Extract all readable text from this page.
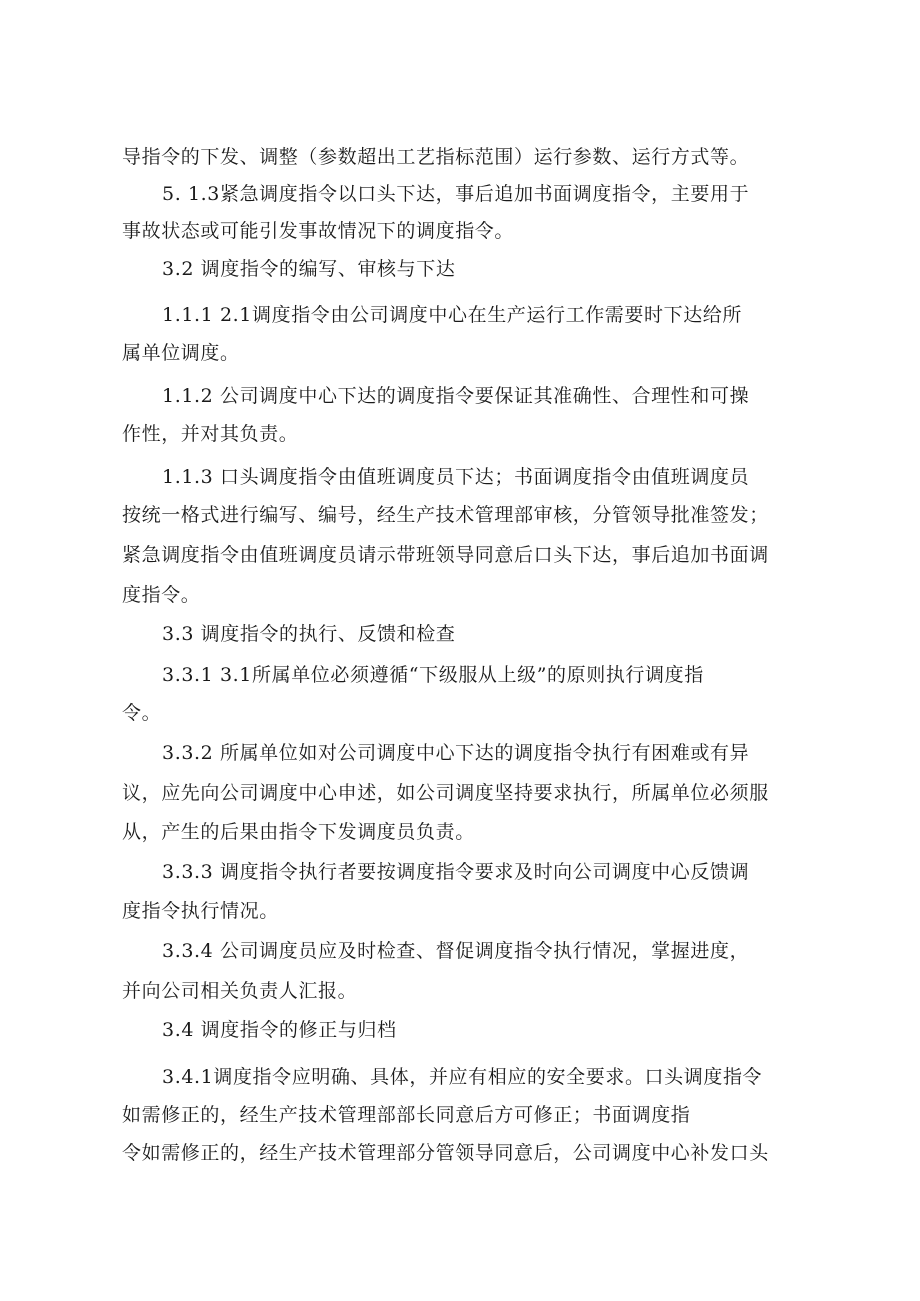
导指令的下发、调整（参数超出工艺指标范围）运行参数、运行方式等。
5. 1.3紧急调度指令以口头下达，事后追加书面调度指令，主要用于
事故状态或可能引发事故情况下的调度指令。
3.2 调度指令的编写、审核与下达
1.1.1 2.1调度指令由公司调度中心在生产运行工作需要时下达给所
属单位调度。
1.1.2 公司调度中心下达的调度指令要保证其准确性、合理性和可操
作性，并对其负责。
1.1.3 口头调度指令由值班调度员下达；书面调度指令由值班调度员
按统一格式进行编写、编号，经生产技术管理部审核，分管领导批准签发；
紧急调度指令由值班调度员请示带班领导同意后口头下达，事后追加书面调
度指令。
3.3 调度指令的执行、反馈和检查
3.3.1 3.1所属单位必须遵循“下级服从上级”的原则执行调度指
令。
3.3.2 所属单位如对公司调度中心下达的调度指令执行有困难或有异
议，应先向公司调度中心申述，如公司调度坚持要求执行，所属单位必须服
从，产生的后果由指令下发调度员负责。
3.3.3 调度指令执行者要按调度指令要求及时向公司调度中心反馈调
度指令执行情况。
3.3.4 公司调度员应及时检查、督促调度指令执行情况，掌握进度，
并向公司相关负责人汇报。
3.4 调度指令的修正与归档
3.4.1调度指令应明确、具体，并应有相应的安全要求。口头调度指令
如需修正的，经生产技术管理部部长同意后方可修正；书面调度指
令如需修正的，经生产技术管理部分管领导同意后，公司调度中心补发口头
